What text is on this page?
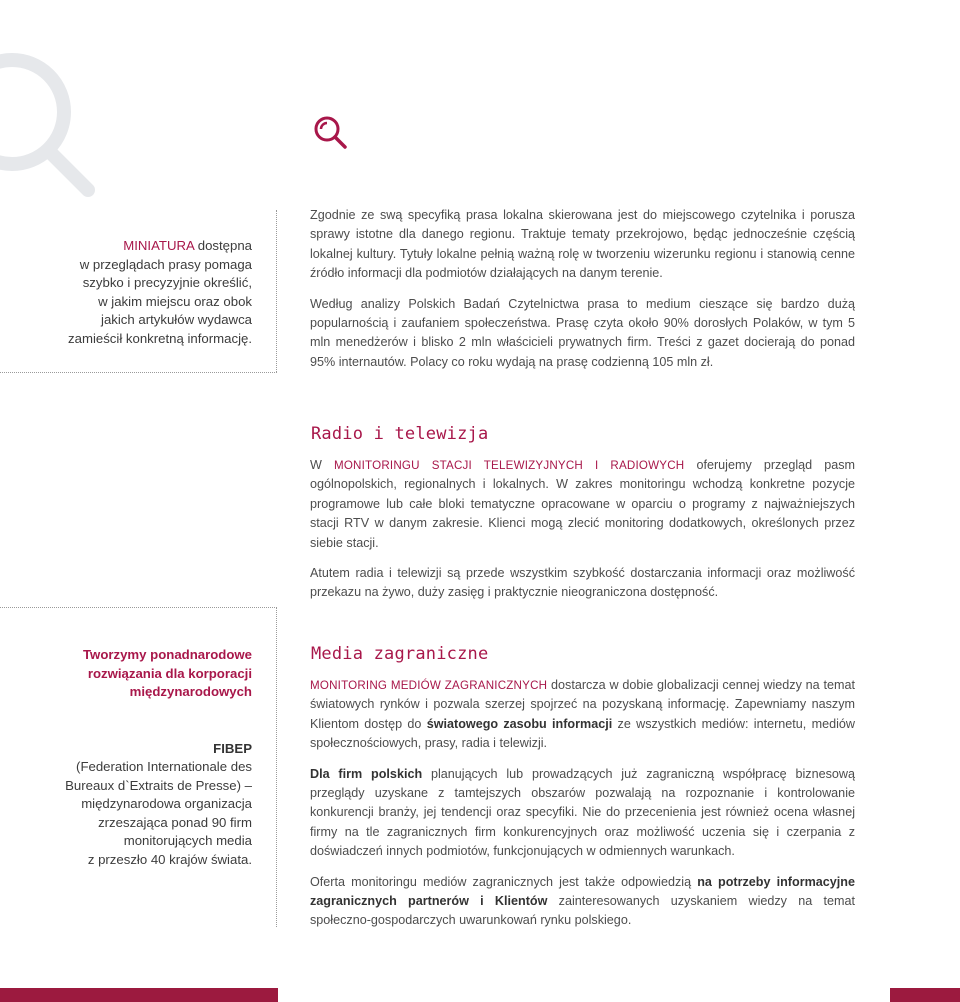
MINIATURA dostępna
w przeglądach prasy pomaga
szybko i precyzyjnie określić,
w jakim miejscu oraz obok
jakich artykułów wydawca
zamieścił konkretną informację.

Zgodnie ze swą specyfiką prasa lokalna skierowana jest do miejscowego czytelnika i porusza sprawy istotne dla danego regionu. Traktuje tematy przekrojowo, będąc jednocześnie częścią lokalnej kultury. Tytuły lokalne pełnią ważną rolę w tworzeniu wizerunku regionu i stanowią cenne źródło informacji dla podmiotów działających na danym terenie.

Według analizy Polskich Badań Czytelnictwa prasa to medium cieszące się bardzo dużą popularnością i zaufaniem społeczeństwa. Prasę czyta około 90% dorosłych Polaków, w tym 5 mln menedżerów i blisko 2 mln właścicieli prywatnych firm. Treści z gazet docierają do ponad 95% internautów. Polacy co roku wydają na prasę codzienną 105 mln zł.

Radio i telewizja

W MONITORINGU STACJI TELEWIZYJNYCH I RADIOWYCH oferujemy przegląd pasm ogólnopolskich, regionalnych i lokalnych. W zakres monitoringu wchodzą konkretne pozycje programowe lub całe bloki tematyczne opracowane w oparciu o programy z najważniejszych stacji RTV w danym zakresie. Klienci mogą zlecić monitoring dodatkowych, określonych przez siebie stacji.

Atutem radia i telewizji są przede wszystkim szybkość dostarczania informacji oraz możliwość przekazu na żywo, duży zasięg i praktycznie nieograniczona dostępność.

Tworzymy ponadnarodowe
rozwiązania dla korporacji
międzynarodowych
FIBEP
(Federation Internationale des
Bureaux d`Extraits de Presse) –
międzynarodowa organizacja
zrzeszająca ponad 90 firm
monitorujących media
z przeszło 40 krajów świata.
Media zagraniczne

MONITORING MEDIÓW ZAGRANICZNYCH dostarcza w dobie globalizacji cennej wiedzy na temat światowych rynków i pozwala szerzej spojrzeć na pozyskaną informację. Zapewniamy naszym Klientom dostęp do światowego zasobu informacji ze wszystkich mediów: internetu, mediów społecznościowych, prasy, radia i telewizji.

Dla firm polskich planujących lub prowadzących już zagraniczną współpracę biznesową przeglądy uzyskane z tamtejszych obszarów pozwalają na rozpoznanie i kontrolowanie konkurencji branży, jej tendencji oraz specyfiki. Nie do przecenienia jest również ocena własnej firmy na tle zagranicznych firm konkurencyjnych oraz możliwość uczenia się i czerpania z doświadczeń innych podmiotów, funkcjonujących w odmiennych warunkach.

Oferta monitoringu mediów zagranicznych jest także odpowiedzią na potrzeby informacyjne zagranicznych partnerów i Klientów zainteresowanych uzyskaniem wiedzy na temat społeczno-gospodarczych uwarunkowań rynku polskiego.
